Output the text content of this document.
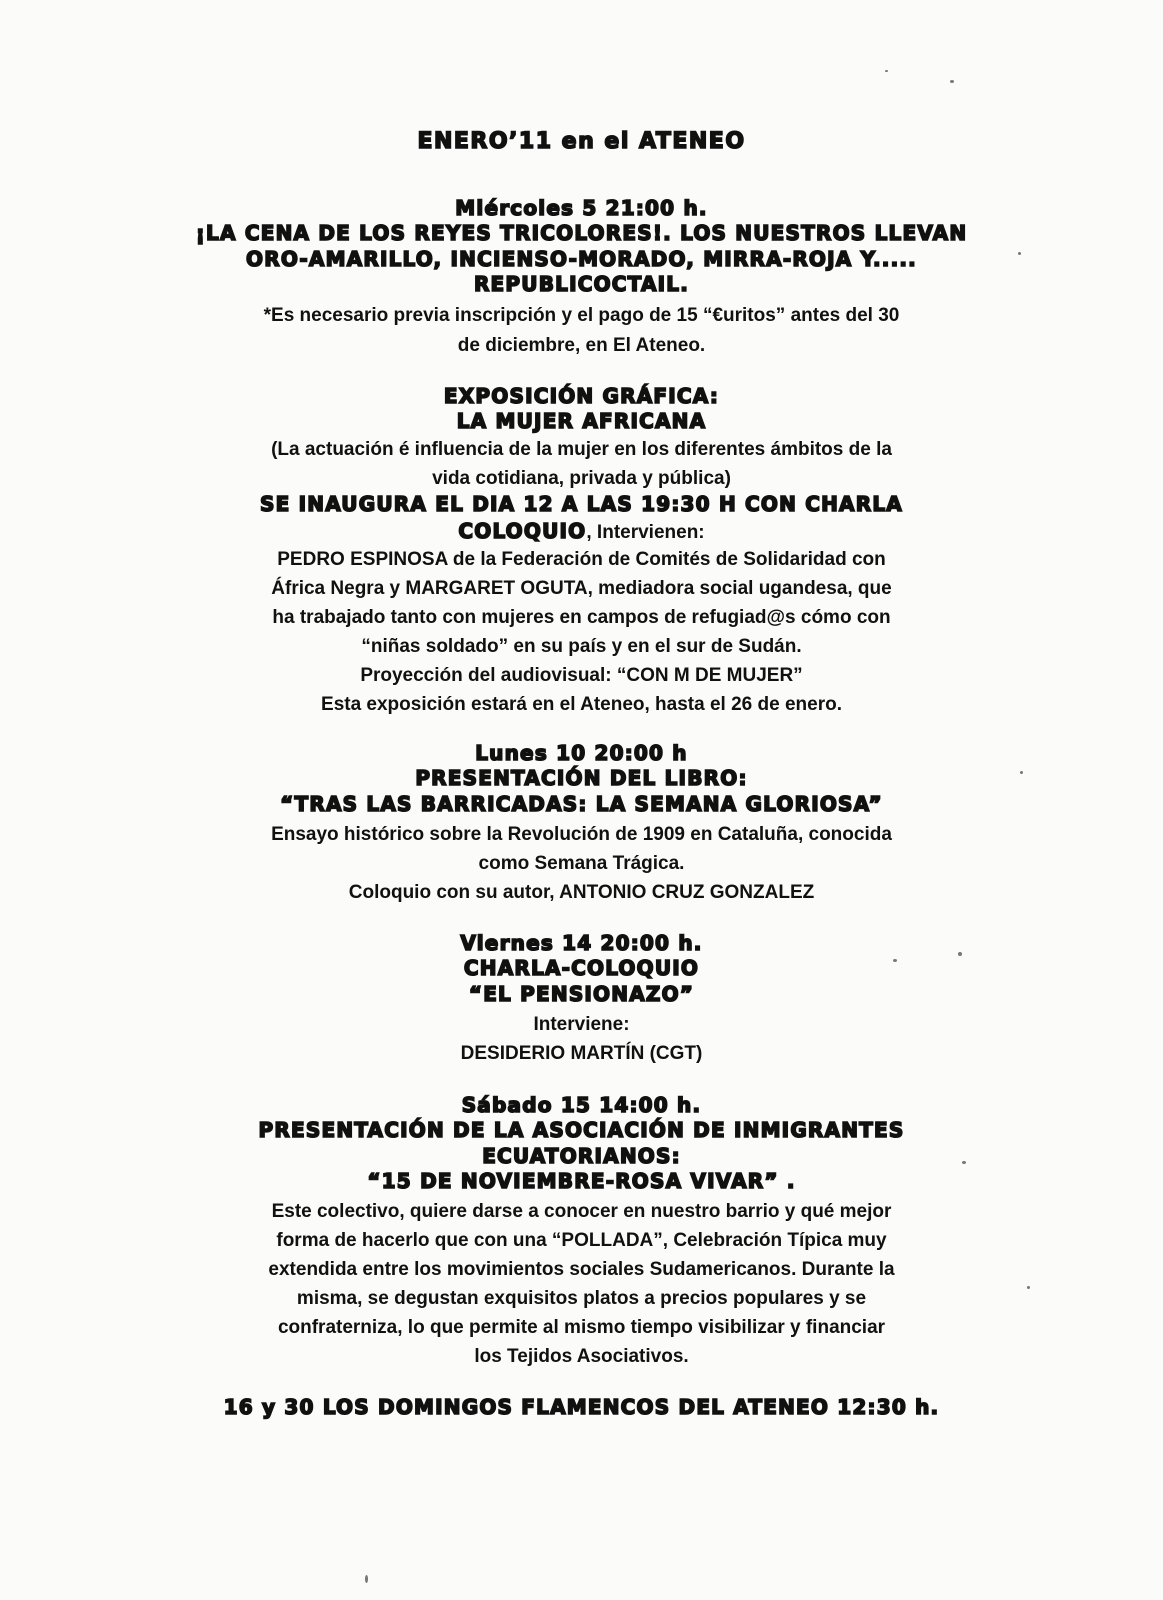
ENERO’11 en el ATENEO
Miércoles 5 21:00 h.
¡LA CENA DE LOS REYES TRICOLORES!. LOS NUESTROS LLEVAN
ORO-AMARILLO, INCIENSO-MORADO, MIRRA-ROJA Y.....
REPUBLICOCTAIL.
*Es necesario previa inscripción y el pago de 15 “€uritos” antes del 30
de diciembre, en El Ateneo.
EXPOSICIÓN GRÁFICA:
LA MUJER AFRICANA
(La actuación é influencia de la mujer en los diferentes ámbitos de la
vida cotidiana, privada y pública)
SE INAUGURA EL DIA 12 A LAS 19:30 H CON CHARLA
COLOQUIO, Intervienen:
PEDRO ESPINOSA de la Federación de Comités de Solidaridad con
África Negra y MARGARET OGUTA, mediadora social ugandesa, que
ha trabajado tanto con mujeres en campos de refugiad@s cómo con
“niñas soldado” en su país y en el sur de Sudán.
Proyección del audiovisual: “CON M DE MUJER”
Esta exposición estará en el Ateneo, hasta el 26 de enero.
Lunes 10 20:00 h
PRESENTACIÓN DEL LIBRO:
“TRAS LAS BARRICADAS: LA SEMANA GLORIOSA”
Ensayo histórico sobre la Revolución de 1909 en Cataluña, conocida
como Semana Trágica.
Coloquio con su autor, ANTONIO CRUZ GONZALEZ
Viernes 14 20:00 h.
CHARLA-COLOQUIO
“EL PENSIONAZO”
Interviene:
DESIDERIO MARTÍN (CGT)
Sábado 15 14:00 h.
PRESENTACIÓN DE LA ASOCIACIÓN DE INMIGRANTES
ECUATORIANOS:
“15 DE NOVIEMBRE-ROSA VIVAR” .
Este colectivo, quiere darse a conocer en nuestro barrio y qué mejor
forma de hacerlo que con una “POLLADA”, Celebración Típica muy
extendida entre los movimientos sociales Sudamericanos. Durante la
misma, se degustan exquisitos platos a precios populares y se
confraterniza, lo que permite al mismo tiempo visibilizar y financiar
los Tejidos Asociativos.
16 y 30 LOS DOMINGOS FLAMENCOS DEL ATENEO 12:30 h.
